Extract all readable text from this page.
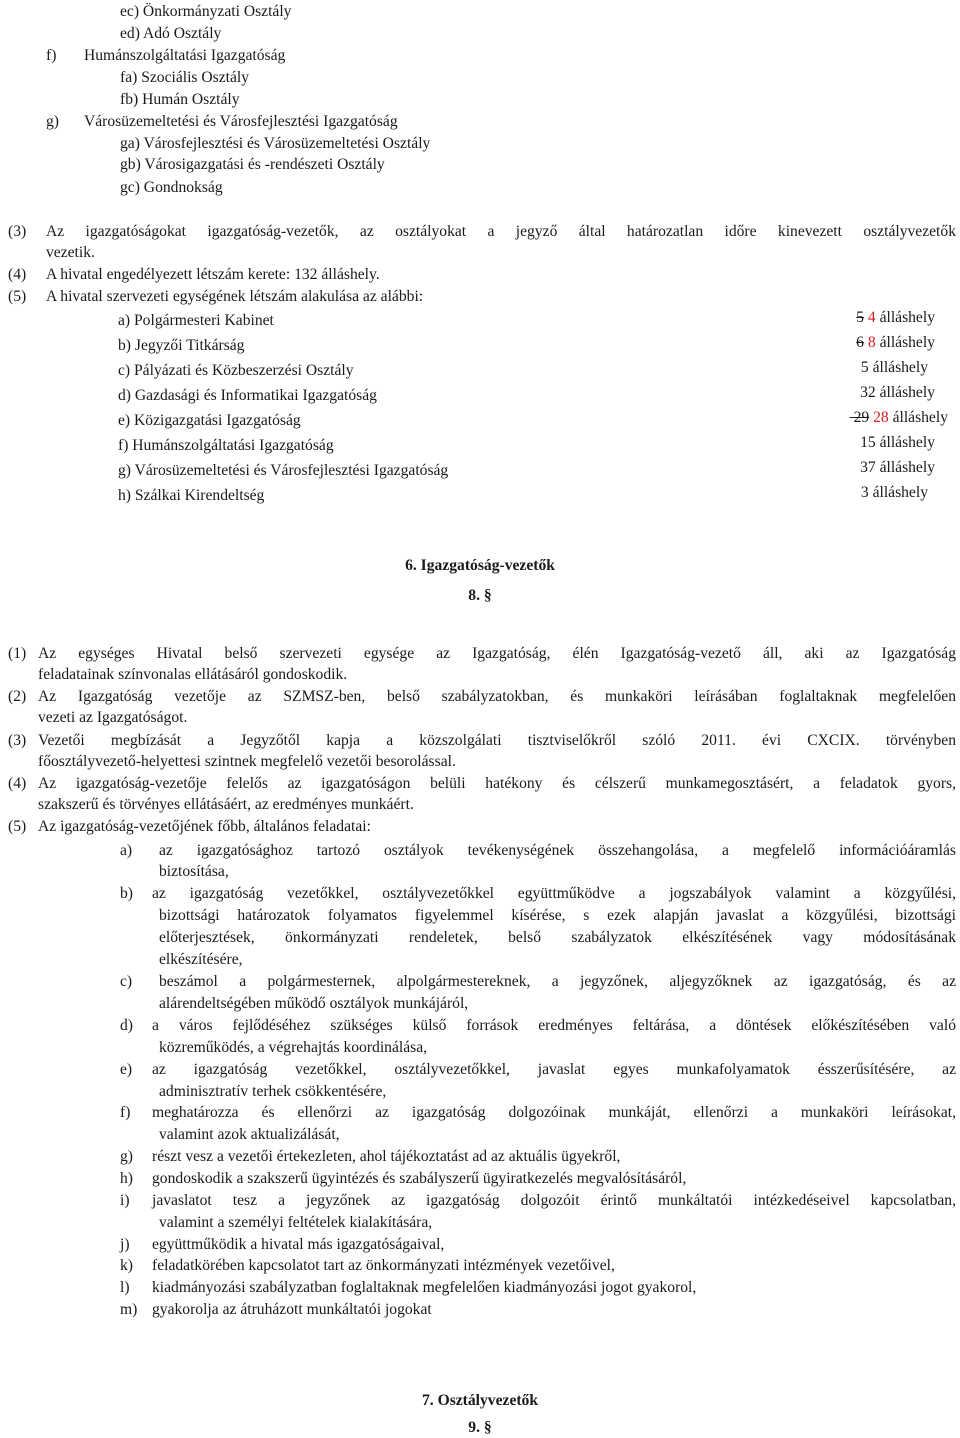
ec) Önkormányzati Osztály
ed) Adó Osztály
f) Humánszolgáltatási Igazgatóság
fa) Szociális Osztály
fb) Humán Osztály
g) Városüzemeltetési és Városfejlesztési Igazgatóság
ga) Városfejlesztési és Városüzemeltetési Osztály
gb) Városigazgatási és -rendészeti Osztály
gc) Gondnokság
(3) Az igazgatóságokat igazgatóság-vezetők, az osztályokat a jegyző által határozatlan időre kinevezett osztályvezetők
vezetik.
(4) A hivatal engedélyezett létszám kerete: 132 álláshely.
(5) A hivatal szervezeti egységének létszám alakulása az alábbi:
a) Polgármesteri Kabinet	5 4 álláshely
b) Jegyzői Titkárság	6 8 álláshely
c) Pályázati és Közbeszerzési Osztály	5 álláshely
d) Gazdasági és Informatikai Igazgatóság	32 álláshely
e) Közigazgatási Igazgatóság	29 28 álláshely
f) Humánszolgáltatási Igazgatóság	15 álláshely
g) Városüzemeltetési és Városfejlesztési Igazgatóság	37 álláshely
h) Szálkai Kirendeltség	3 álláshely
6. Igazgatóság-vezetők
8. §
(1) Az egységes Hivatal belső szervezeti egysége az Igazgatóság, élén Igazgatóság-vezető áll, aki az Igazgatóság
feladatainak színvonalas ellátásáról gondoskodik.
(2) Az Igazgatóság vezetője az SZMSZ-ben, belső szabályzatokban, és munkaköri leírásában foglaltaknak megfelelően
vezeti az Igazgatóságot.
(3) Vezetői megbízását a Jegyzőtől kapja a közszolgálati tisztviselőkről szóló 2011. évi CXCIX. törvényben
főosztályvezető-helyettesi szintnek megfelelő vezetői besorolással.
(4) Az igazgatóság-vezetője felelős az igazgatóságon belüli hatékony és célszerű munkamegosztásért, a feladatok gyors,
szakszerű és törvényes ellátásáért, az eredményes munkáért.
(5) Az igazgatóság-vezetőjének főbb, általános feladatai:
a) az igazgatósághoz tartozó osztályok tevékenységének összehangolása, a megfelelő információáramlás
biztosítása,
b) az igazgatóság vezetőkkel, osztályvezetőkkel együttműködve a jogszabályok valamint a közgyűlési,
bizottsági határozatok folyamatos figyelemmel kísérése, s ezek alapján javaslat a közgyűlési, bizottsági
előterjesztések, önkormányzati rendeletek, belső szabályzatok elkészítésének vagy módosításának
elkészítésére,
c) beszámol a polgármesternek, alpolgármestereknek, a jegyzőnek, aljegyzőknek az igazgatóság, és az
alárendeltségében működő osztályok munkájáról,
d) a város fejlődéséhez szükséges külső források eredményes feltárása, a döntések előkészítésében való
közreműködés, a végrehajtás koordinálása,
e) az igazgatóság vezetőkkel, osztályvezetőkkel, javaslat egyes munkafolyamatok ésszerűsítésére, az
adminisztratív terhek csökkentésére,
f) meghatározza és ellenőrzi az igazgatóság dolgozóinak munkáját, ellenőrzi a munkaköri leírásokat,
valamint azok aktualizálását,
g) részt vesz a vezetői értekezleten, ahol tájékoztatást ad az aktuális ügyekről,
h) gondoskodik a szakszerű ügyintézés és szabályszerű ügyiratkezelés megvalósításáról,
i) javaslatot tesz a jegyzőnek az igazgatóság dolgozóit érintő munkáltatói intézkedéseivel kapcsolatban,
valamint a személyi feltételek kialakítására,
j) együttműködik a hivatal más igazgatóságaival,
k) feladatkörében kapcsolatot tart az önkormányzati intézmények vezetőivel,
l) kiadmányozási szabályzatban foglaltaknak megfelelően kiadmányozási jogot gyakorol,
m) gyakorolja az átruházott munkáltatói jogokat
7. Osztályvezetők
9. §
